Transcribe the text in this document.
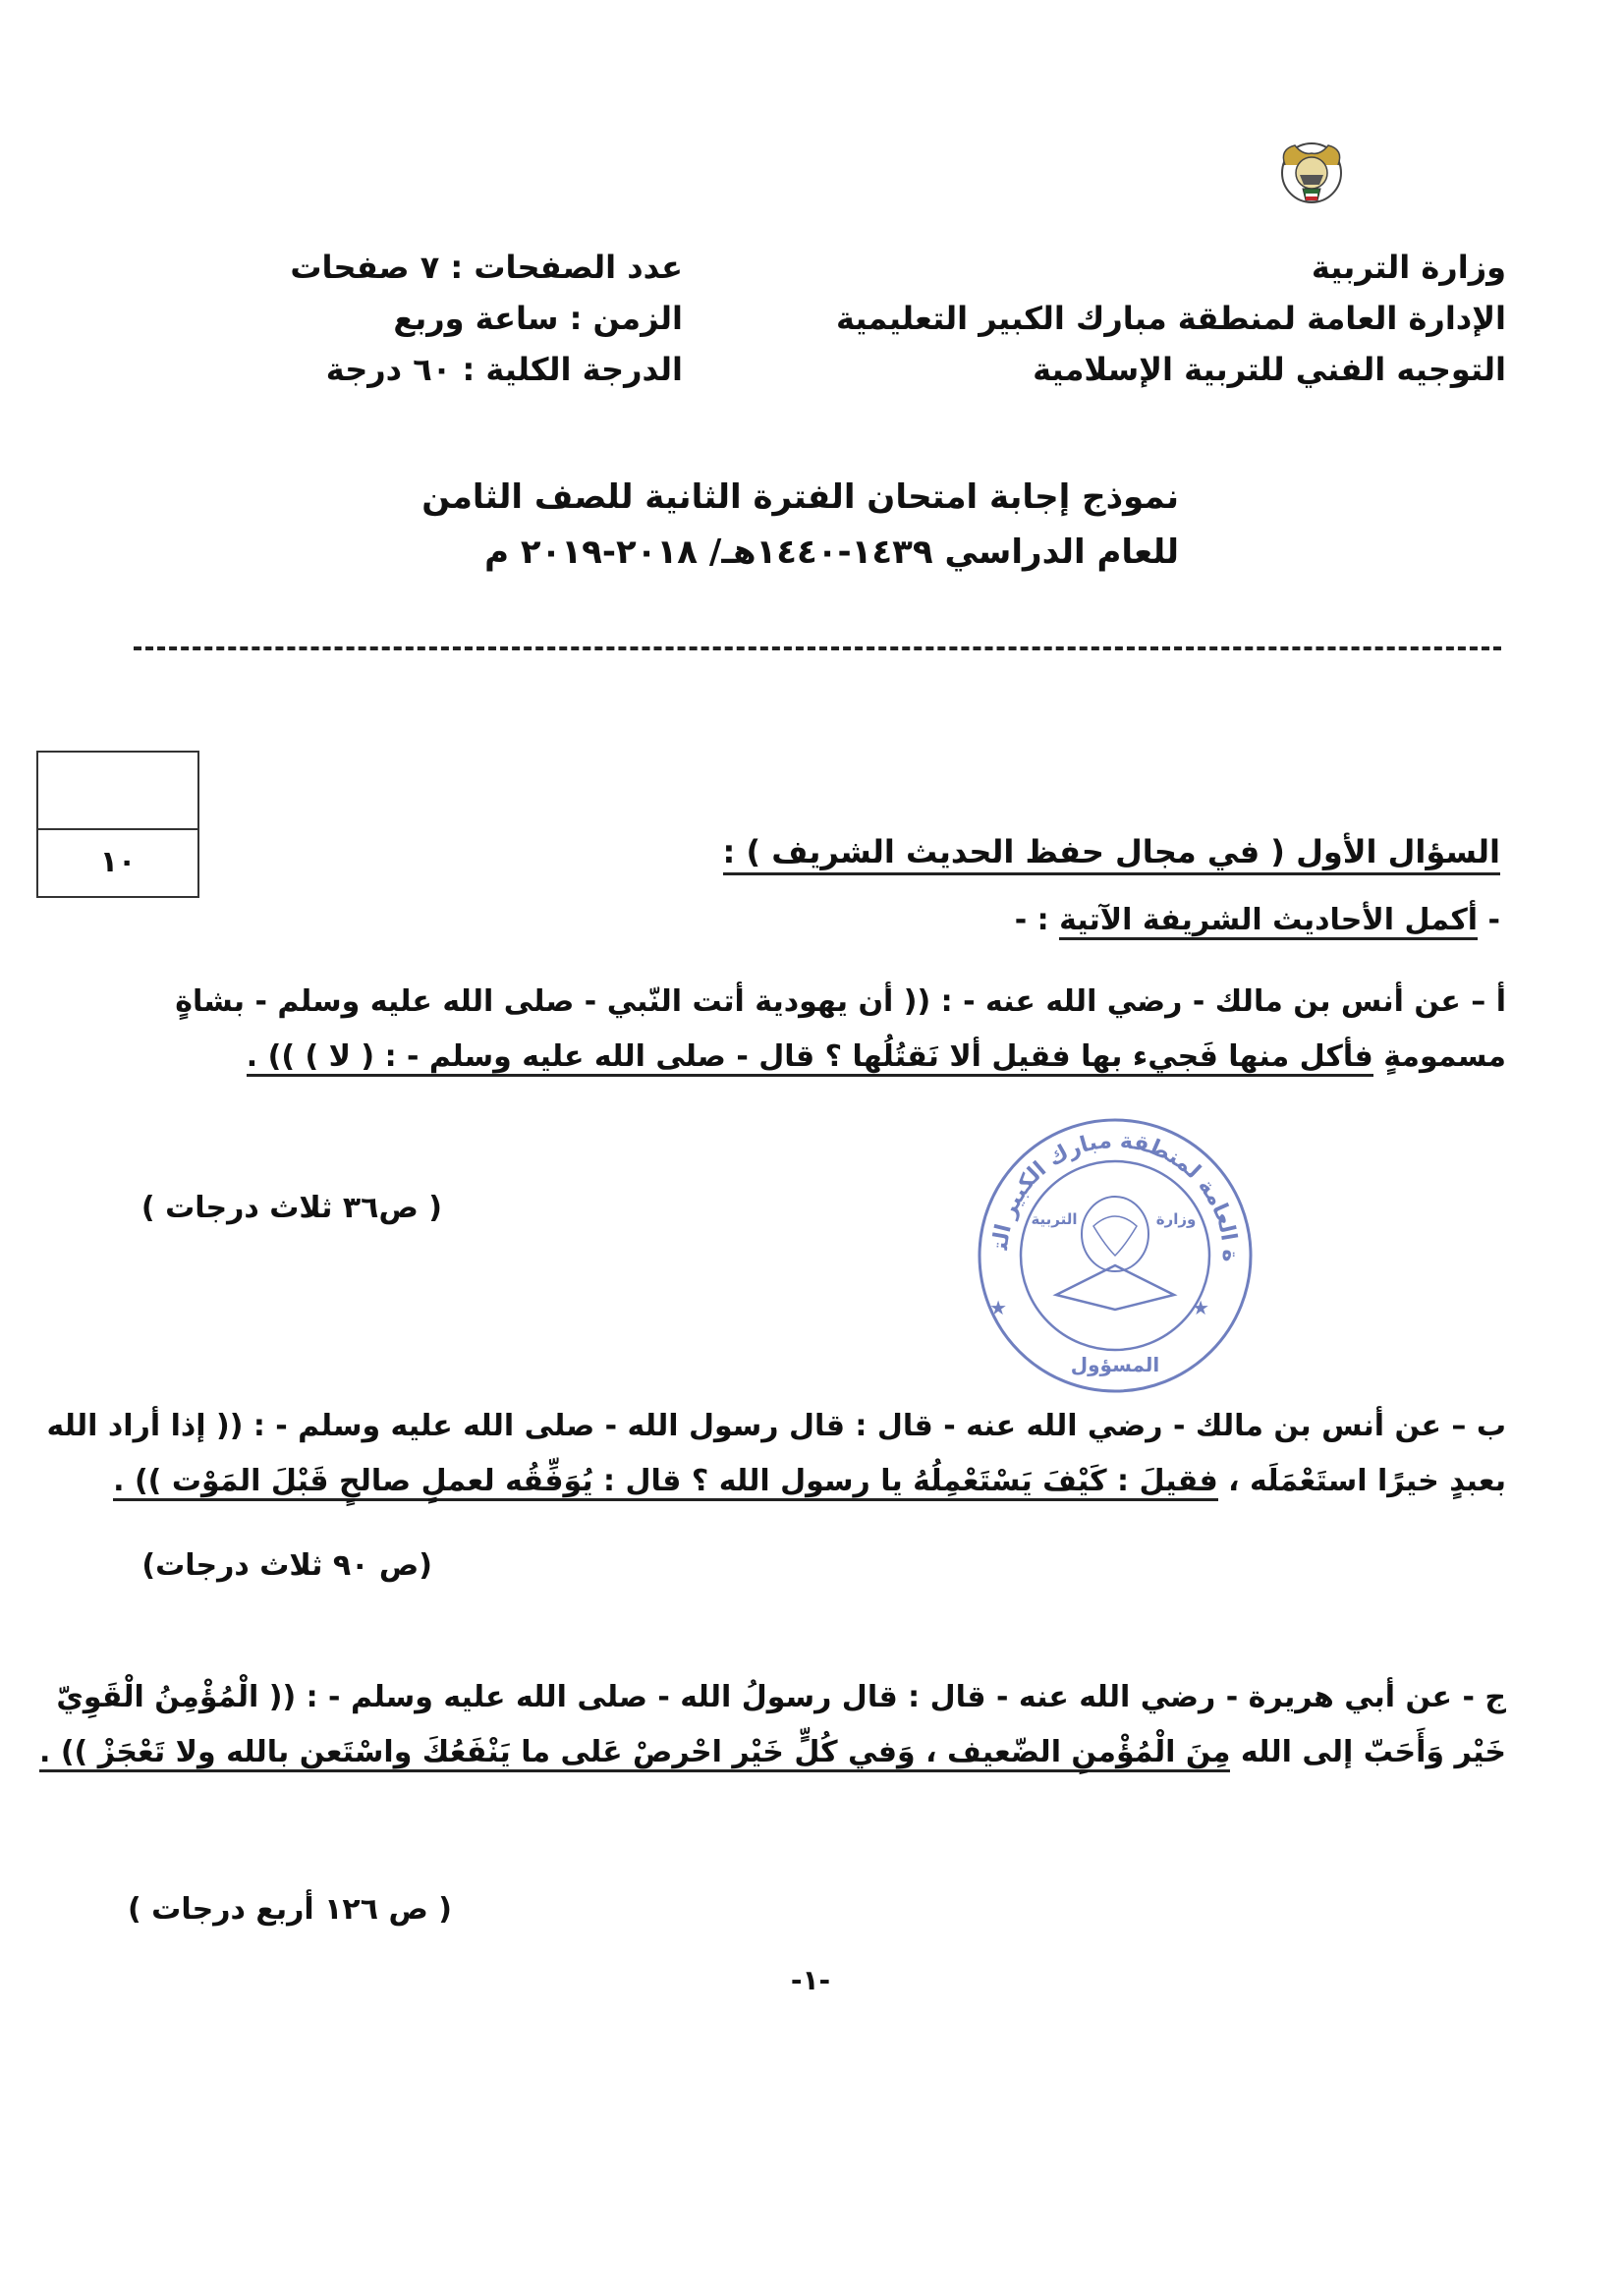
وزارة التربية
الإدارة العامة لمنطقة مبارك الكبير التعليمية
التوجيه الفني للتربية الإسلامية
عدد الصفحات : ٧ صفحات
الزمن : ساعة وربع
الدرجة الكلية : ٦٠ درجة
نموذج إجابة امتحان الفترة الثانية للصف الثامن
للعام الدراسي ١٤٣٩-١٤٤٠هـ/ ٢٠١٨-٢٠١٩ م
١٠	السؤال الأول ( في مجال حفظ الحديث الشريف ) :
- أكمل الأحاديث الشريفة الآتية : -
أ – عن أنس بن مالك - رضي الله عنه - : (( أن يهودية أتت النّبي - صلى الله عليه وسلم - بشاةٍ
مسمومةٍ فأكل منها فَجيء بها فقيل ألا نَقتُلُها ؟ قال - صلى الله عليه وسلم - : ( لا ) )) .
( ص٣٦ ثلاث درجات )
ة العامة لمنطقة مبارك الكبير الت
★	★
وزارة
التربية
المسؤول
ب – عن أنس بن مالك - رضي الله عنه - قال : قال رسول الله - صلى الله عليه وسلم - : (( إذا أراد الله
بعبدٍ خيرًا استَعْمَلَه ، فقيلَ : كَيْفَ يَسْتَعْمِلُهُ يا رسول الله ؟ قال : يُوَفِّقُه لعملٍ صالحٍ قَبْلَ المَوْت )) .
(ص ٩٠ ثلاث درجات)
ج - عن أبي هريرة - رضي الله عنه - قال : قال رسولُ الله - صلى الله عليه وسلم - : (( الْمُؤْمِنُ الْقَوِيّ
خَيْر وَأَحَبّ إلى الله مِنَ الْمُؤْمنِ الضّعيف ، وَفي كُلٍّ خَيْر احْرصْ عَلى ما يَنْفَعُكَ واسْتَعن بالله ولا تَعْجَزْ )) .
( ص ١٢٦ أربع درجات )
-١-
